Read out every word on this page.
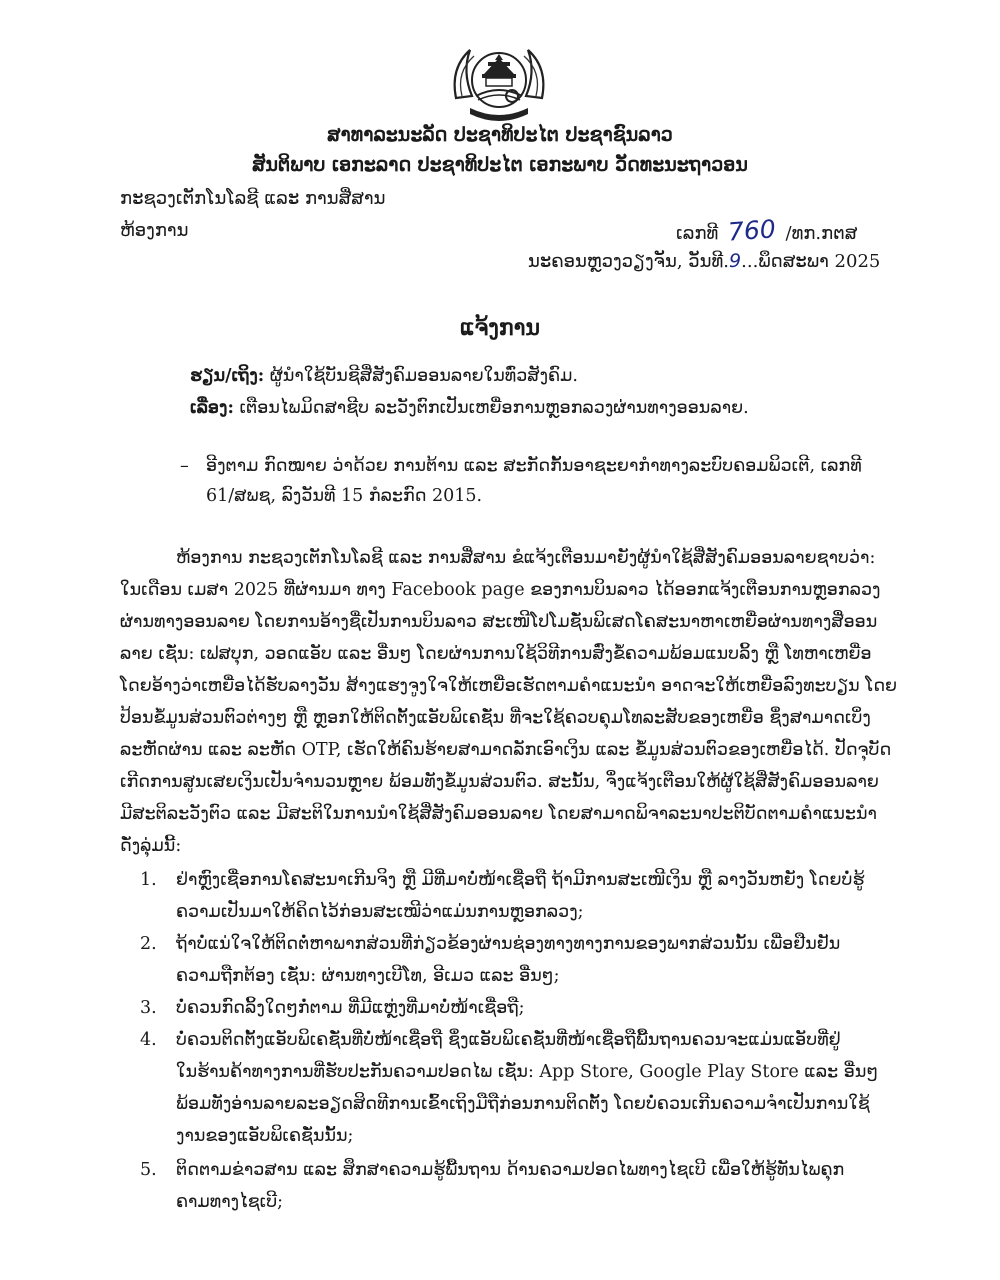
ສາທາລະນະລັດ ປະຊາທິປະໄຕ ປະຊາຊົນລາວ
ສັນຕິພາບ ເອກະລາດ ປະຊາທິປະໄຕ ເອກະພາບ ວັດທະນະຖາວອນ
ກະຊວງເຕັກໂນໂລຊີ ແລະ ການສື່ສານ
ຫ້ອງການ	ເລກທີ 760 /ທກ.ກຕສ
ນະຄອນຫຼວງວຽງຈັນ, ວັນທີ.9...ພຶດສະພາ 2025
ແຈ້ງການ
ຮຽນ/ເຖິງ: ຜູ້ນຳໃຊ້ບັນຊີສື່ສັງຄົມອອນລາຍໃນທົ່ວສັງຄົມ.
ເລື່ອງ: ເຕືອນໄພມິດສາຊີບ ລະວັງຕົກເປັນເຫຍື່ອການຫຼອກລວງຜ່ານທາງອອນລາຍ.
– ອີງຕາມ ກົດໝາຍ ວ່າດ້ວຍ ການຕ້ານ ແລະ ສະກັດກັ້ນອາຊະຍາກຳທາງລະບົບຄອມພິວເຕີ, ເລກທີ
61/ສພຊ, ລົງວັນທີ 15 ກໍລະກົດ 2015.
ຫ້ອງການ ກະຊວງເຕັກໂນໂລຊີ ແລະ ການສື່ສານ ຂໍແຈ້ງເຕືອນມາຍັງຜູ້ນຳໃຊ້ສື່ສັງຄົມອອນລາຍຊາບວ່າ:
ໃນເດືອນ ເມສາ 2025 ທີ່ຜ່ານມາ ທາງ Facebook page ຂອງການບິນລາວ ໄດ້ອອກແຈ້ງເຕືອນການຫຼອກລວງ
ຜ່ານທາງອອນລາຍ ໂດຍການອ້າງຊື່ເປັນການບິນລາວ ສະເໜີໂປໂມຊັ່ນພິເສດໂຄສະນາຫາເຫຍື່ອຜ່ານທາງສື່ອອນ
ລາຍ ເຊັ່ນ: ເຟສບຸກ, ວອດແອັບ ແລະ ອື່ນໆ ໂດຍຜ່ານການໃຊ້ວິທີການສົ່ງຂໍ້ຄວາມພ້ອມແນບລິ້ງ ຫຼື ໂທຫາເຫຍື່ອ
ໂດຍອ້າງວ່າເຫຍື່ອໄດ້ຮັບລາງວັນ ສ້າງແຮງຈູງໃຈໃຫ້ເຫຍື່ອເຮັດຕາມຄຳແນະນຳ ອາດຈະໃຫ້ເຫຍື່ອລົງທະບຽນ ໂດຍ
ປ້ອນຂໍ້ມູນສ່ວນຕົວຕ່າງໆ ຫຼື ຫຼອກໃຫ້ຕິດຕັ້ງແອັບພິເຄຊັ່ນ ທີ່ຈະໃຊ້ຄວບຄຸມໂທລະສັບຂອງເຫຍື່ອ ຊຶ່ງສາມາດເບິ່ງ
ລະຫັດຜ່ານ ແລະ ລະຫັດ OTP, ເຮັດໃຫ້ຄົນຮ້າຍສາມາດລັກເອົາເງິນ ແລະ ຂໍ້ມູນສ່ວນຕົວຂອງເຫຍື່ອໄດ້. ປັດຈຸບັດ
ເກີດການສູນເສຍເງິນເປັນຈຳນວນຫຼາຍ ພ້ອມທັງຂໍ້ມູນສ່ວນຕົວ. ສະນັ້ນ, ຈຶ່ງແຈ້ງເຕືອນໃຫ້ຜູ້ໃຊ້ສື່ສັງຄົມອອນລາຍ
ມີສະຕິລະວັງຕົວ ແລະ ມີສະຕິໃນການນຳໃຊ້ສື່ສັງຄົມອອນລາຍ ໂດຍສາມາດພິຈາລະນາປະຕິບັດຕາມຄຳແນະນຳ
ດັ່ງລຸ່ມນີ້:
1. ຢ່າຫຼົງເຊື່ອການໂຄສະນາເກີນຈິງ ຫຼື ມີທີ່ມາບໍ່ໜ້າເຊື່ອຖື ຖ້າມີການສະເໜີເງິນ ຫຼື ລາງວັນຫຍັງ ໂດຍບໍ່ຮູ້
ຄວາມເປັນມາໃຫ້ຄິດໄວ້ກ່ອນສະເໝີວ່າແມ່ນການຫຼອກລວງ;
2. ຖ້າບໍ່ແນ່ໃຈໃຫ້ຕິດຕໍ່ຫາພາກສ່ວນທີ່ກ່ຽວຂ້ອງຜ່ານຊ່ອງທາງທາງການຂອງພາກສ່ວນນັ້ນ ເພື່ອຢືນຢັນ
ຄວາມຖືກຕ້ອງ ເຊັ່ນ: ຜ່ານທາງເບີໂທ, ອີເມວ ແລະ ອື່ນໆ;
3. ບໍ່ຄວນກົດລິ້ງໃດໆກໍ່ຕາມ ທີ່ມີແຫຼ່ງທີ່ມາບໍ່ໜ້າເຊື່ອຖື;
4. ບໍ່ຄວນຕິດຕັ້ງແອັບພິເຄຊັ່ນທີ່ບໍ່ໜ້າເຊື່ອຖື ຊຶ່ງແອັບພິເຄຊັ່ນທີ່ໜ້າເຊື່ອຖືພື້ນຖານຄວນຈະແມ່ນແອັບທີ່ຢູ່
ໃນຮ້ານຄ້າທາງການທີ່ຮັບປະກັນຄວາມປອດໄພ ເຊັ່ນ: App Store, Google Play Store ແລະ ອື່ນໆ
ພ້ອມທັງອ່ານລາຍລະອຽດສິດທີການເຂົ້າເຖິງມືຖືກ່ອນການຕິດຕັ້ງ ໂດຍບໍ່ຄວນເກີນຄວາມຈຳເປັນການໃຊ້
ງານຂອງແອັບພິເຄຊັ່ນນັ້ນ;
5. ຕິດຕາມຂ່າວສານ ແລະ ສຶກສາຄວາມຮູ້ພື້ນຖານ ດ້ານຄວາມປອດໄພທາງໄຊເບີ ເພື່ອໃຫ້ຮູ້ທັນໄພຄຸກ
ຄາມທາງໄຊເບີ;
